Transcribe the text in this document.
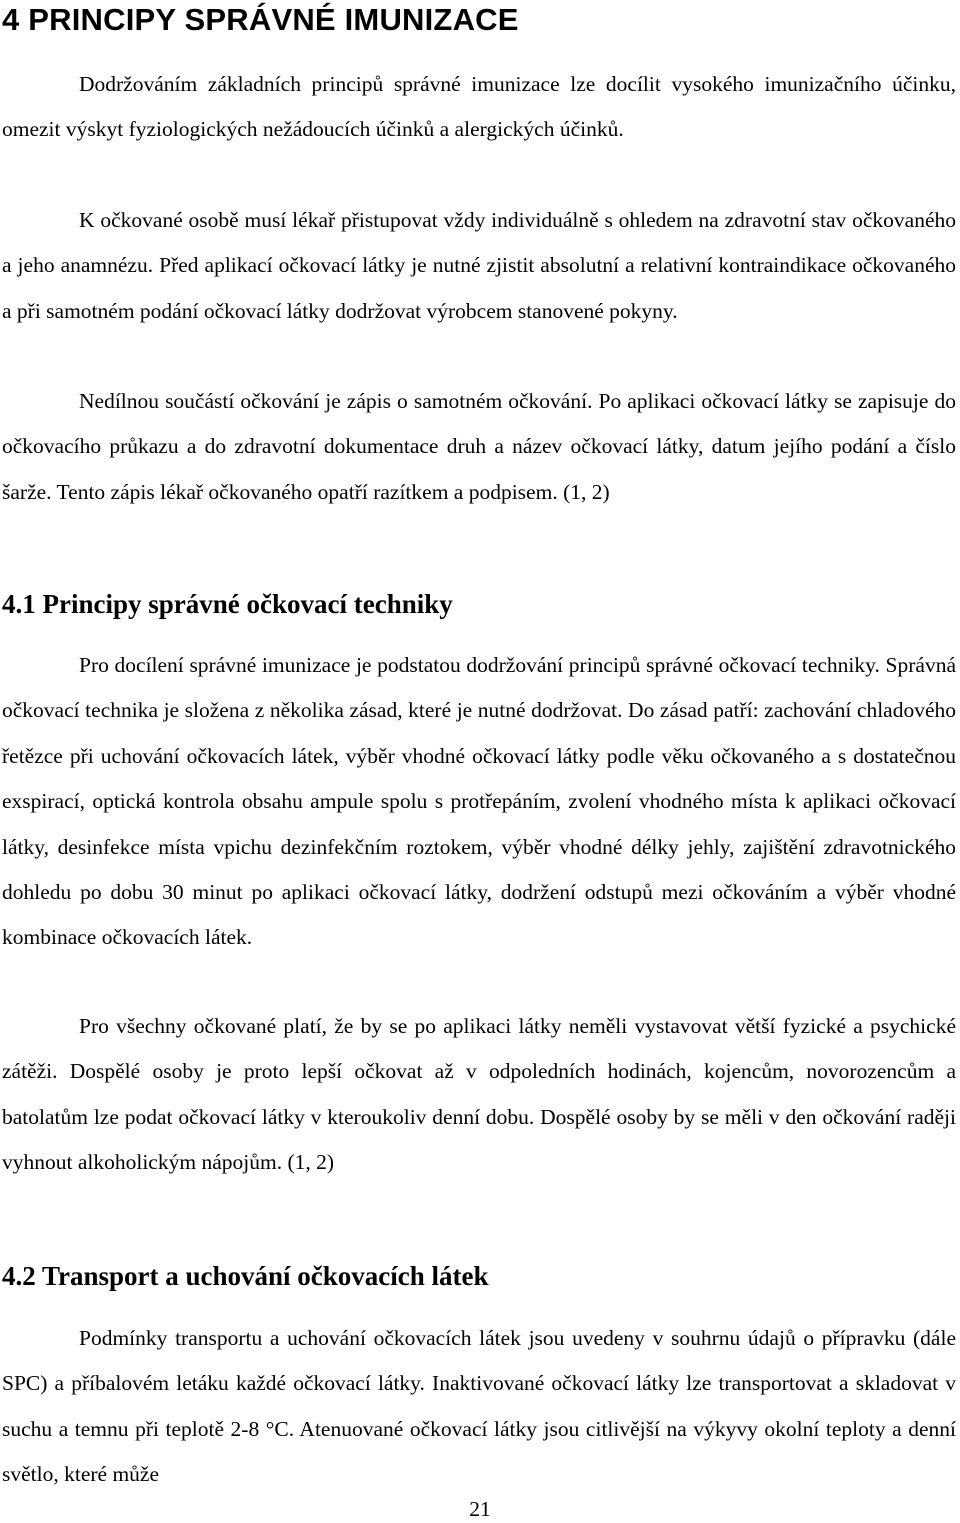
4 PRINCIPY SPRÁVNÉ IMUNIZACE

Dodržováním základních principů správné imunizace lze docílit vysokého imunizačního účinku, omezit výskyt fyziologických nežádoucích účinků a alergických účinků.

K očkované osobě musí lékař přistupovat vždy individuálně s ohledem na zdravotní stav očkovaného a jeho anamnézu. Před aplikací očkovací látky je nutné zjistit absolutní a relativní kontraindikace očkovaného a při samotném podání očkovací látky dodržovat výrobcem stanovené pokyny.

Nedílnou součástí očkování je zápis o samotném očkování. Po aplikaci očkovací látky se zapisuje do očkovacího průkazu a do zdravotní dokumentace druh a název očkovací látky, datum jejího podání a číslo šarže. Tento zápis lékař očkovaného opatří razítkem a podpisem. (1, 2)

4.1 Principy správné očkovací techniky

Pro docílení správné imunizace je podstatou dodržování principů správné očkovací techniky. Správná očkovací technika je složena z několika zásad, které je nutné dodržovat. Do zásad patří: zachování chladového řetězce při uchování očkovacích látek, výběr vhodné očkovací látky podle věku očkovaného a s dostatečnou exspirací, optická kontrola obsahu ampule spolu s protřepáním, zvolení vhodného místa k aplikaci očkovací látky, desinfekce místa vpichu dezinfekčním roztokem, výběr vhodné délky jehly, zajištění zdravotnického dohledu po dobu 30 minut po aplikaci očkovací látky, dodržení odstupů mezi očkováním a výběr vhodné kombinace očkovacích látek.

Pro všechny očkované platí, že by se po aplikaci látky neměli vystavovat větší fyzické a psychické zátěži. Dospělé osoby je proto lepší očkovat až v odpoledních hodinách, kojencům, novorozencům a batolatům lze podat očkovací látky v kteroukoliv denní dobu. Dospělé osoby by se měli v den očkování raději vyhnout alkoholickým nápojům. (1, 2)

4.2 Transport a uchování očkovacích látek

Podmínky transportu a uchování očkovacích látek jsou uvedeny v souhrnu údajů o přípravku (dále SPC) a příbalovém letáku každé očkovací látky. Inaktivované očkovací látky lze transportovat a skladovat v suchu a temnu při teplotě 2-8 °C. Atenuované očkovací látky jsou citlivější na výkyvy okolní teploty a denní světlo, které může

21
